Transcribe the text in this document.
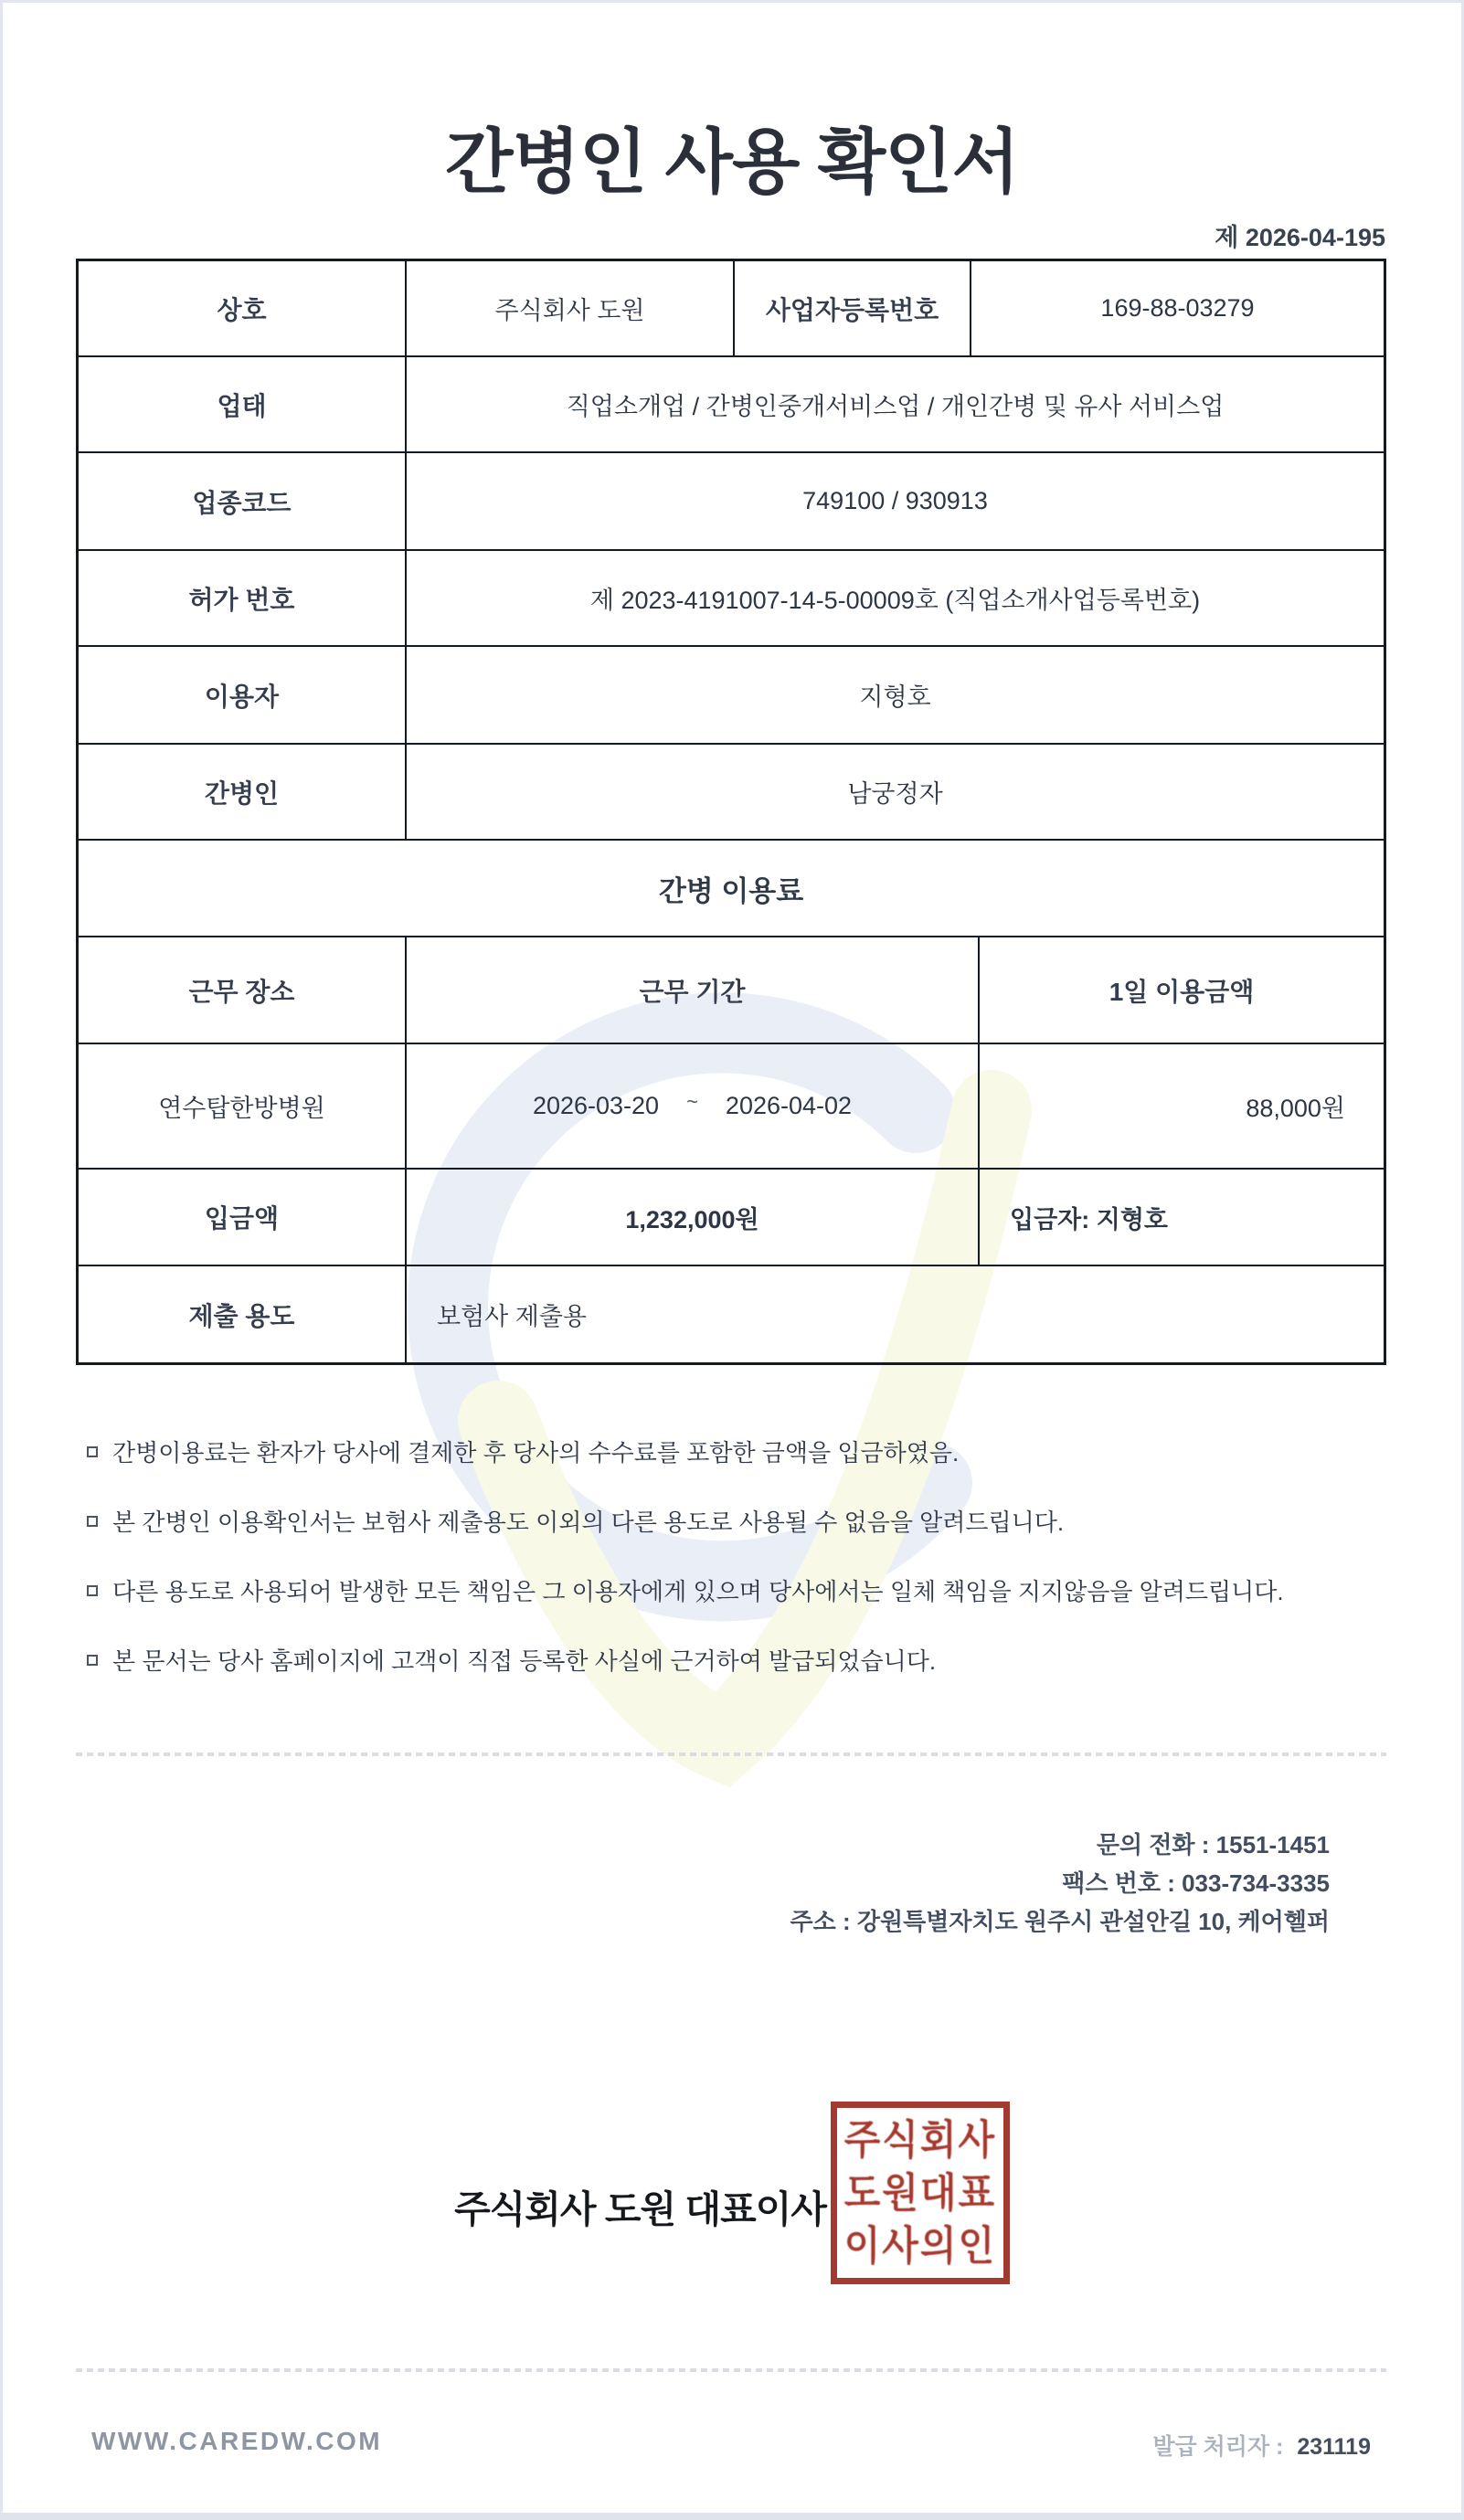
간병인 사용 확인서
제 2026-04-195
상호	주식회사 도원	사업자등록번호	169-88-03279
업태	직업소개업 / 간병인중개서비스업 / 개인간병 및 유사 서비스업
업종코드	749100 / 930913
허가 번호	제 2023-4191007-14-5-00009호 (직업소개사업등록번호)
이용자	지형호
간병인	남궁정자
간병 이용료
근무 장소	근무 기간	1일 이용금액
연수탑한방병원	2026-03-20 ~ 2026-04-02	88,000원
입금액	1,232,000원	입금자: 지형호
제출 용도	보험사 제출용
간병이용료는 환자가 당사에 결제한 후 당사의 수수료를 포함한 금액을 입금하였음.
본 간병인 이용확인서는 보험사 제출용도 이외의 다른 용도로 사용될 수 없음을 알려드립니다.
다른 용도로 사용되어 발생한 모든 책임은 그 이용자에게 있으며 당사에서는 일체 책임을 지지않음을 알려드립니다.
본 문서는 당사 홈페이지에 고객이 직접 등록한 사실에 근거하여 발급되었습니다.
문의 전화 : 1551-1451
팩스 번호 : 033-734-3335
주소 : 강원특별자치도 원주시 관설안길 10, 케어헬퍼
주식회사 도원 대표이사
주식회사
도원대표
이사의인
WWW.CAREDW.COM	발급 처리자 : 231119
